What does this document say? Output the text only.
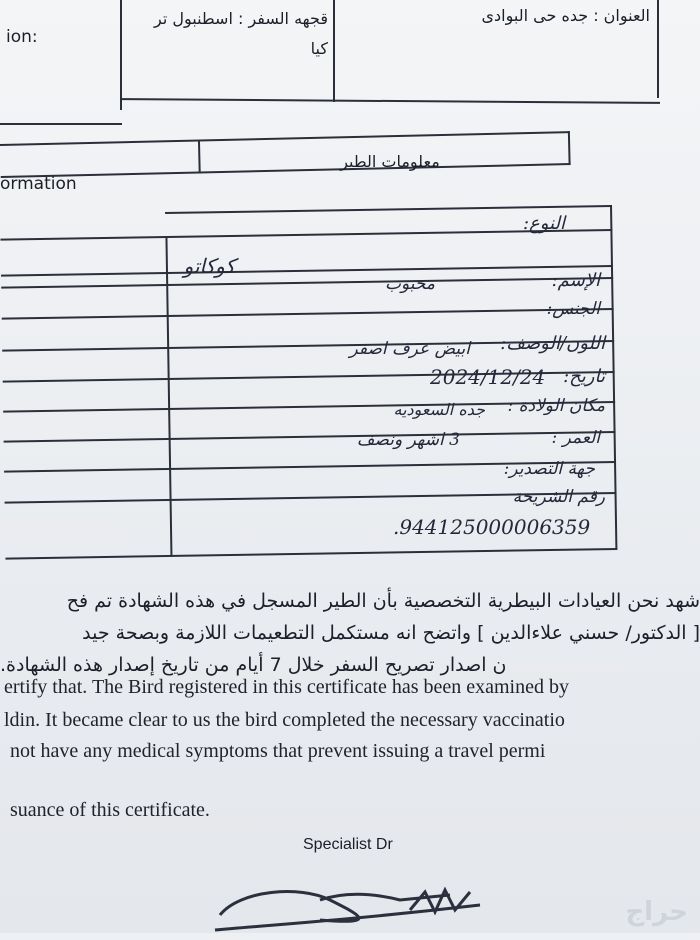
العنوان : جده حى البوادى
قجهه السفر : اسطنبول تر
كيا
ion:
معلومات الطير
ormation
النوع:
كوكاتو
الإسم:
محبوب
الجنس:
اللون/الوصف:
ابيض عرف اصفر
تاريخ:
2024/12/24
مكان الولادة :
جده السعوديه
العمر :
3 اشهر ونصف
جهة التصدير:
رقم الشريحة
.944125000006359
شهد نحن العيادات البيطرية التخصصية بأن الطير المسجل في هذه الشهادة تم فح
[ الدكتور/ حسني علاءالدين ] واتضح انه مستكمل التطعيمات اللازمة وبصحة جيد
ن اصدار تصريح السفر خلال 7 أيام من تاريخ إصدار هذه الشهادة.
ertify that. The Bird registered in this certificate has been examined by
ldin. It became clear to us the bird completed the necessary vaccinatio
not have any medical symptoms that prevent issuing a travel permi
suance of this certificate.
Specialist Dr
حراج
